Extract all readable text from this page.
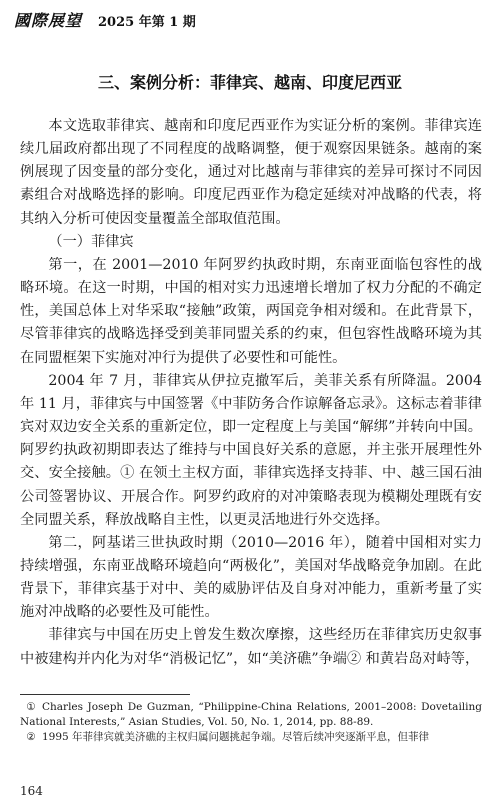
國際展望 2025 年第 1 期
三、案例分析：菲律宾、越南、印度尼西亚

本文选取菲律宾、越南和印度尼西亚作为实证分析的案例。菲律宾连续几届政府都出现了不同程度的战略调整，便于观察因果链条。越南的案例展现了因变量的部分变化，通过对比越南与菲律宾的差异可探讨不同因素组合对战略选择的影响。印度尼西亚作为稳定延续对冲战略的代表，将其纳入分析可使因变量覆盖全部取值范围。

（一）菲律宾

第一，在 2001—2010 年阿罗约执政时期，东南亚面临包容性的战略环境。在这一时期，中国的相对实力迅速增长增加了权力分配的不确定性，美国总体上对华采取“接触”政策，两国竞争相对缓和。在此背景下，尽管菲律宾的战略选择受到美菲同盟关系的约束，但包容性战略环境为其在同盟框架下实施对冲行为提供了必要性和可能性。

2004 年 7 月，菲律宾从伊拉克撤军后，美菲关系有所降温。2004 年 11 月，菲律宾与中国签署《中菲防务合作谅解备忘录》。这标志着菲律宾对双边安全关系的重新定位，即一定程度上与美国“解绑”并转向中国。阿罗约执政初期即表达了维持与中国良好关系的意愿，并主张开展理性外交、安全接触。① 在领土主权方面，菲律宾选择支持菲、中、越三国石油公司签署协议、开展合作。阿罗约政府的对冲策略表现为模糊处理既有安全同盟关系，释放战略自主性，以更灵活地进行外交选择。

第二，阿基诺三世执政时期（2010—2016 年），随着中国相对实力持续增强，东南亚战略环境趋向“两极化”，美国对华战略竞争加剧。在此背景下，菲律宾基于对中、美的威胁评估及自身对冲能力，重新考量了实施对冲战略的必要性及可能性。

菲律宾与中国在历史上曾发生数次摩擦，这些经历在菲律宾历史叙事中被建构并内化为对华“消极记忆”，如“美济礁”争端② 和黄岩岛对峙等，

① Charles Joseph De Guzman, “Philippine-China Relations, 2001–2008: Dovetailing National Interests,” Asian Studies, Vol. 50, No. 1, 2014, pp. 88-89.

② 1995 年菲律宾就美济礁的主权归属问题挑起争端。尽管后续冲突逐渐平息，但菲律

164
